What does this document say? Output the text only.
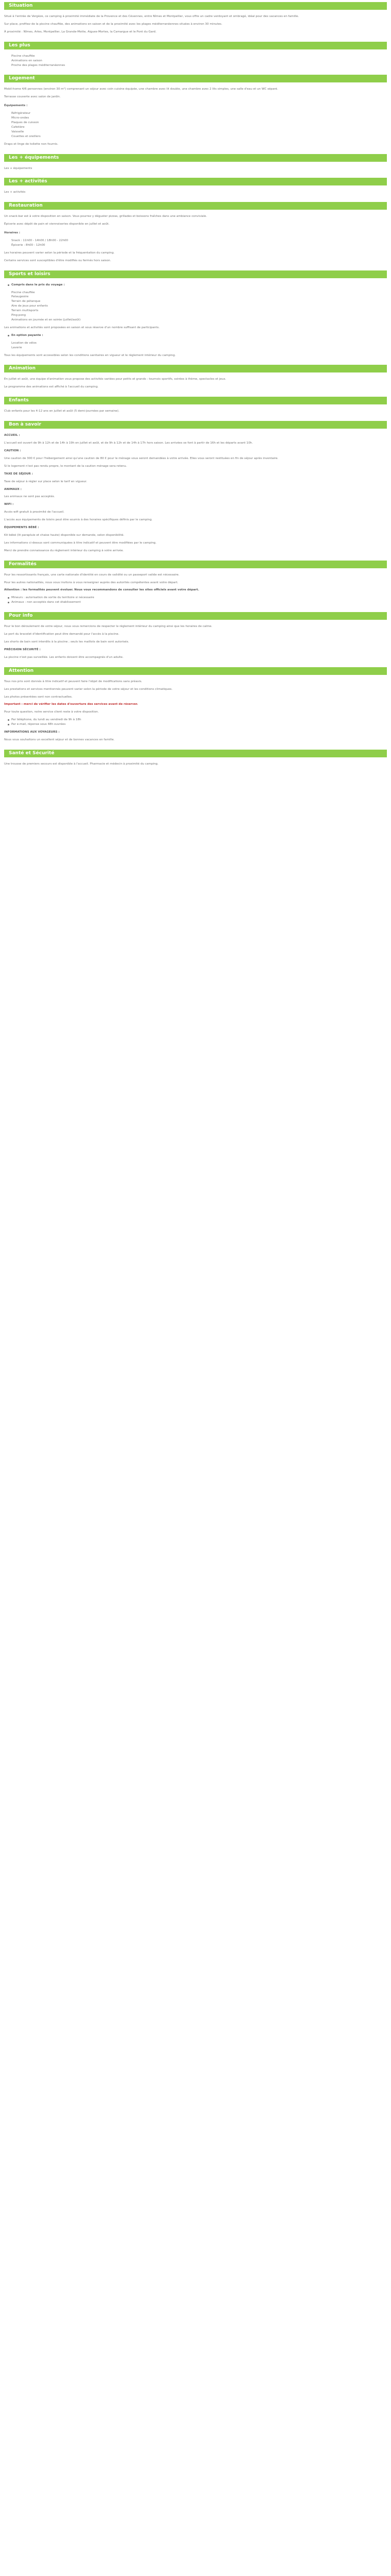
Situation

Situé à l'entrée de Vergèze, ce camping à proximité immédiate de la Provence et des Cévennes, entre Nîmes et Montpellier, vous offre un cadre verdoyant et ombragé, idéal pour des vacances en famille.

Sur place, profitez de la piscine chauffée, des animations en saison et de la proximité avec les plages méditerranéennes situées à environ 30 minutes.

À proximité : Nîmes, Arles, Montpellier, La Grande-Motte, Aigues-Mortes, la Camargue et le Pont du Gard.

Les plus
Piscine chauffée
Animations en saison
Proche des plages méditerranéennes
Logement

Mobil-home 4/6 personnes (environ 30 m²) comprenant un séjour avec coin cuisine équipée, une chambre avec lit double, une chambre avec 2 lits simples, une salle d'eau et un WC séparé.

Terrasse couverte avec salon de jardin.

Équipements :

Réfrigérateur
Micro-ondes
Plaques de cuisson
Cafetière
Vaisselle
Couettes et oreillers

Draps et linge de toilette non fournis.

Les + équipements

Les + équipements

Les + activités

Les + activités

Restauration

Un snack-bar est à votre disposition en saison. Vous pourrez y déguster pizzas, grillades et boissons fraîches dans une ambiance conviviale.

Épicerie avec dépôt de pain et viennoiseries disponible en juillet et août.

Horaires :

Snack : 11h00 - 14h00 / 18h00 - 22h00
Épicerie : 8h00 - 12h00

Les horaires peuvent varier selon la période et la fréquentation du camping.

Certains services sont susceptibles d'être modifiés ou fermés hors saison.

Sports et loisirs
Compris dans le prix du voyage :
Piscine chauffée
Pataugeoire
Terrain de pétanque
Aire de jeux pour enfants
Terrain multisports
Ping-pong
Animations en journée et en soirée (juillet/août)

Les animations et activités sont proposées en saison et sous réserve d'un nombre suffisant de participants.

En option payante :
Location de vélos
Laverie

Tous les équipements sont accessibles selon les conditions sanitaires en vigueur et le règlement intérieur du camping.

Animation

En juillet et août, une équipe d'animation vous propose des activités variées pour petits et grands : tournois sportifs, soirées à thème, spectacles et jeux.

Le programme des animations est affiché à l'accueil du camping.

Enfants

Club enfants pour les 4-12 ans en juillet et août (5 demi-journées par semaine).

Bon à savoir

ACCUEIL :

L'accueil est ouvert de 9h à 12h et de 14h à 19h en juillet et août, et de 9h à 12h et de 14h à 17h hors saison. Les arrivées se font à partir de 16h et les départs avant 10h.

CAUTION :

Une caution de 300 € pour l'hébergement ainsi qu'une caution de 80 € pour le ménage vous seront demandées à votre arrivée. Elles vous seront restituées en fin de séjour après inventaire.

Si le logement n'est pas rendu propre, le montant de la caution ménage sera retenu.

TAXE DE SÉJOUR :

Taxe de séjour à régler sur place selon le tarif en vigueur.

ANIMAUX :

Les animaux ne sont pas acceptés.

WIFI :

Accès wifi gratuit à proximité de l'accueil.

L'accès aux équipements de loisirs peut être soumis à des horaires spécifiques définis par le camping.

ÉQUIPEMENTS BÉBÉ :

Kit bébé (lit parapluie et chaise haute) disponible sur demande, selon disponibilité.

Les informations ci-dessus sont communiquées à titre indicatif et peuvent être modifiées par le camping.

Merci de prendre connaissance du règlement intérieur du camping à votre arrivée.

Formalités

Pour les ressortissants français, une carte nationale d'identité en cours de validité ou un passeport valide est nécessaire.

Pour les autres nationalités, nous vous invitons à vous renseigner auprès des autorités compétentes avant votre départ.

Attention : les formalités peuvent évoluer. Nous vous recommandons de consulter les sites officiels avant votre départ.

Mineurs : autorisation de sortie du territoire si nécessaire
Animaux : non acceptés dans cet établissement
Pour info

Pour le bon déroulement de votre séjour, nous vous remercions de respecter le règlement intérieur du camping ainsi que les horaires de calme.

Le port du bracelet d'identification peut être demandé pour l'accès à la piscine.

Les shorts de bain sont interdits à la piscine ; seuls les maillots de bain sont autorisés.

PRÉCISION SÉCURITÉ :

La piscine n'est pas surveillée. Les enfants doivent être accompagnés d'un adulte.

Attention

Tous nos prix sont donnés à titre indicatif et peuvent faire l'objet de modifications sans préavis.

Les prestations et services mentionnés peuvent varier selon la période de votre séjour et les conditions climatiques.

Les photos présentées sont non contractuelles.

Important : merci de vérifier les dates d'ouverture des services avant de réserver.

Pour toute question, notre service client reste à votre disposition.

Par téléphone, du lundi au vendredi de 9h à 18h
Par e-mail, réponse sous 48h ouvrées

INFORMATIONS AUX VOYAGEURS :

Nous vous souhaitons un excellent séjour et de bonnes vacances en famille.

Santé et Sécurité

Une trousse de premiers secours est disponible à l'accueil. Pharmacie et médecin à proximité du camping.
